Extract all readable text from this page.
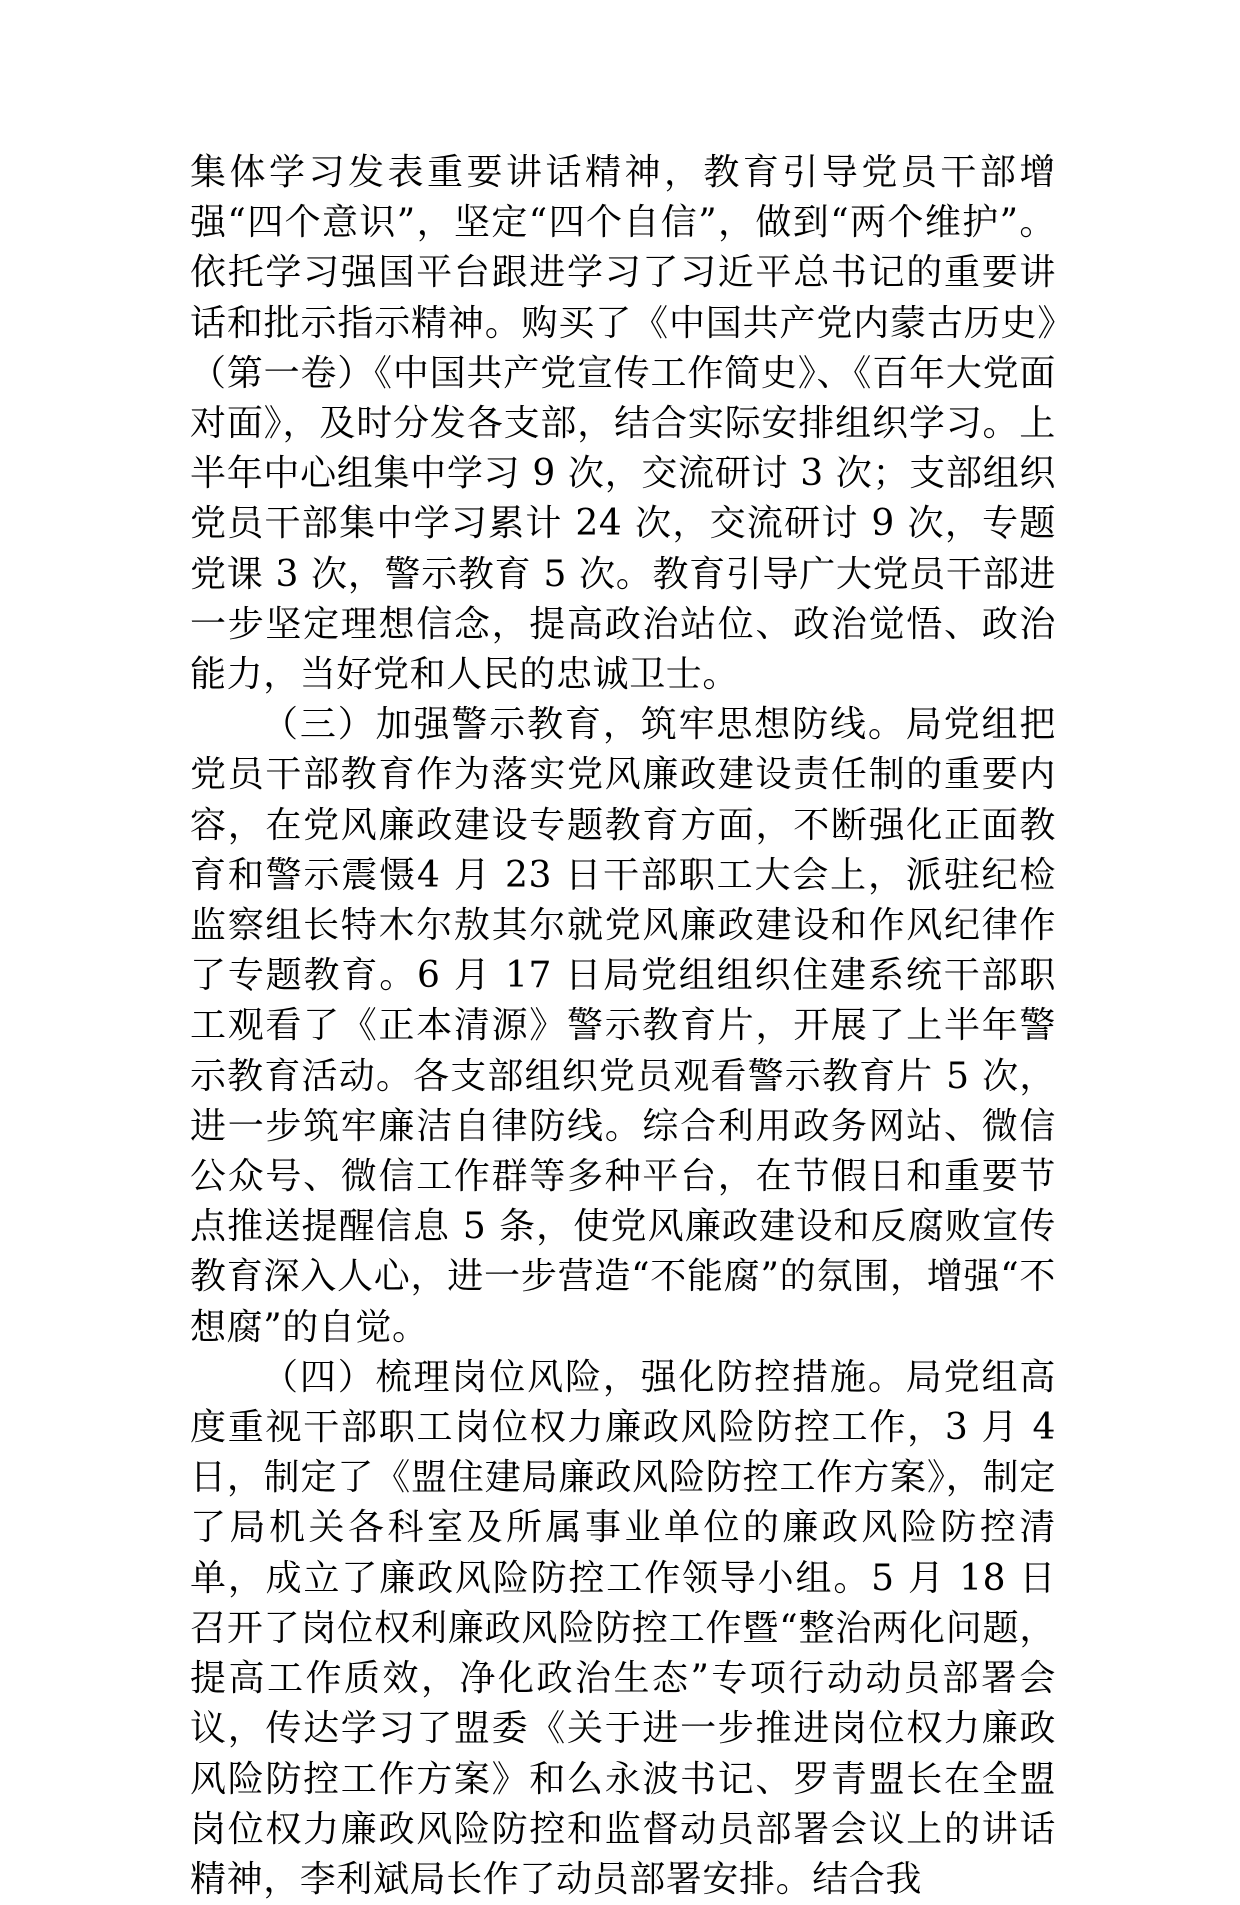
集体学习发表重要讲话精神，教育引导党员干部增强“四个意识”，坚定“四个自信”，做到“两个维护”。依托学习强国平台跟进学习了习近平总书记的重要讲话和批示指示精神。购买了《中国共产党内蒙古历史》（第一卷）《中国共产党宣传工作简史》、《百年大党面对面》，及时分发各支部，结合实际安排组织学习。上半年中心组集中学习 9 次，交流研讨 3 次；支部组织党员干部集中学习累计 24 次，交流研讨 9 次，专题党课 3 次，警示教育 5 次。教育引导广大党员干部进一步坚定理想信念，提高政治站位、政治觉悟、政治能力，当好党和人民的忠诚卫士。

（三）加强警示教育，筑牢思想防线。局党组把党员干部教育作为落实党风廉政建设责任制的重要内容，在党风廉政建设专题教育方面，不断强化正面教育和警示震慑4 月 23 日干部职工大会上，派驻纪检监察组长特木尔敖其尔就党风廉政建设和作风纪律作了专题教育。6 月 17 日局党组组织住建系统干部职工观看了《正本清源》警示教育片，开展了上半年警示教育活动。各支部组织党员观看警示教育片 5 次，进一步筑牢廉洁自律防线。综合利用政务网站、微信公众号、微信工作群等多种平台，在节假日和重要节点推送提醒信息 5 条，使党风廉政建设和反腐败宣传教育深入人心，进一步营造“不能腐”的氛围，增强“不想腐”的自觉。

（四）梳理岗位风险，强化防控措施。局党组高度重视干部职工岗位权力廉政风险防控工作，3 月 4 日，制定了《盟住建局廉政风险防控工作方案》，制定了局机关各科室及所属事业单位的廉政风险防控清单，成立了廉政风险防控工作领导小组。5 月 18 日召开了岗位权利廉政风险防控工作暨“整治两化问题，提高工作质效，净化政治生态”专项行动动员部署会议，传达学习了盟委《关于进一步推进岗位权力廉政风险防控工作方案》和么永波书记、罗青盟长在全盟岗位权力廉政风险防控和监督动员部署会议上的讲话精神，李利斌局长作了动员部署安排。结合我
